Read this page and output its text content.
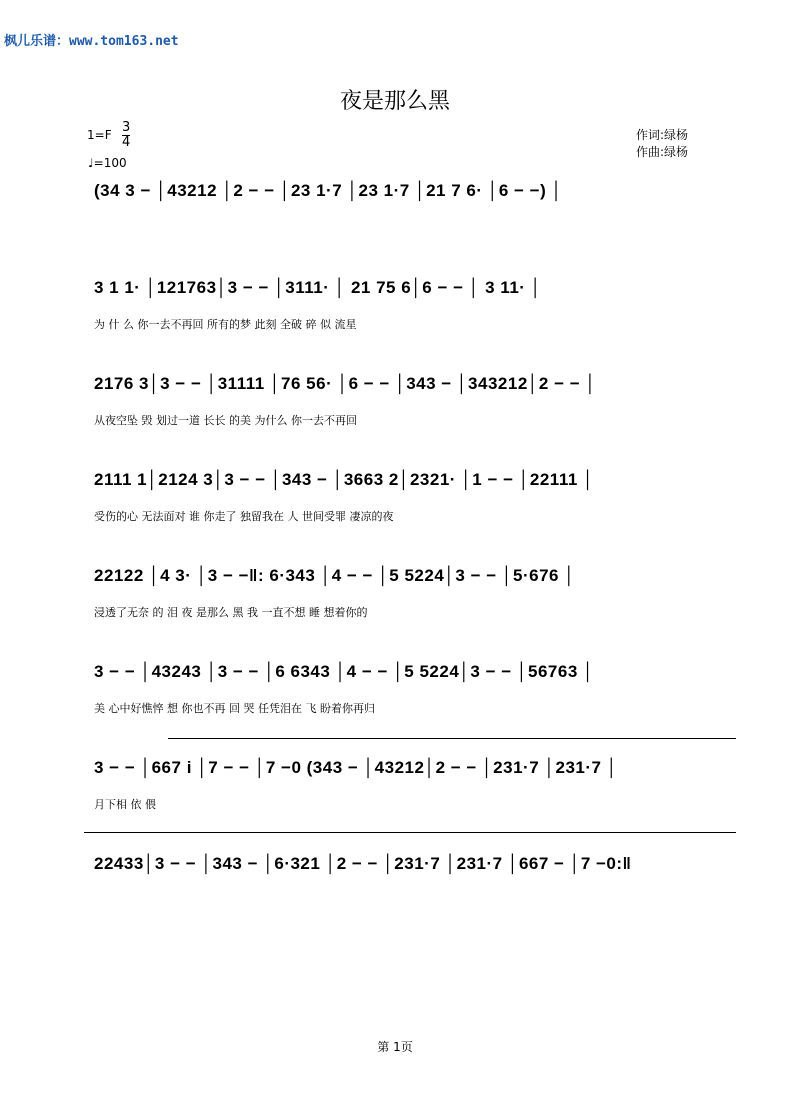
枫儿乐谱：www.tom163.net
夜是那么黑
1=F 3
4
♩=100
作词:绿杨
作曲:绿杨
(34 3 − │43212 │2 − − │23 1·7 │23 1·7 │21 7 6· │6 − −) │
3 1 1· │121763│3 − − │3111· │ 21 75 6│6 − − │ 3 11· │
为 什 么 你一去不再回 所有的梦 此刻 全破 碎 似 流星
2176 3│3 − − │31111 │76 56· │6 − − │343 − │343212│2 − − │
从夜空坠 毁 划过一道 长长 的美 为什么 你一去不再回
2111 1│2124 3│3 − − │343 − │3663 2│2321· │1 − − │22111 │
受伤的心 无法面对 谁 你走了 独留我在 人 世间受罪 凄凉的夜
22122 │4 3· │3 − −‖: 6·343 │4 − − │5 5224│3 − − │5·676 │
浸透了无奈 的 泪 夜 是那么 黑 我 一直不想 睡 想着你的
3 − − │43243 │3 − − │6 6343 │4 − − │5 5224│3 − − │56763 │
美 心中好憔悴 想 你也不再 回 哭 任凭泪在 飞 盼着你再归
3 − − │667 i │7 − − │7 −0 (343 − │43212│2 − − │231·7 │231·7 │
月下相 依 偎
22433│3 − − │343 − │6·321 │2 − − │231·7 │231·7 │667 − │7 −0:‖
第 1页
